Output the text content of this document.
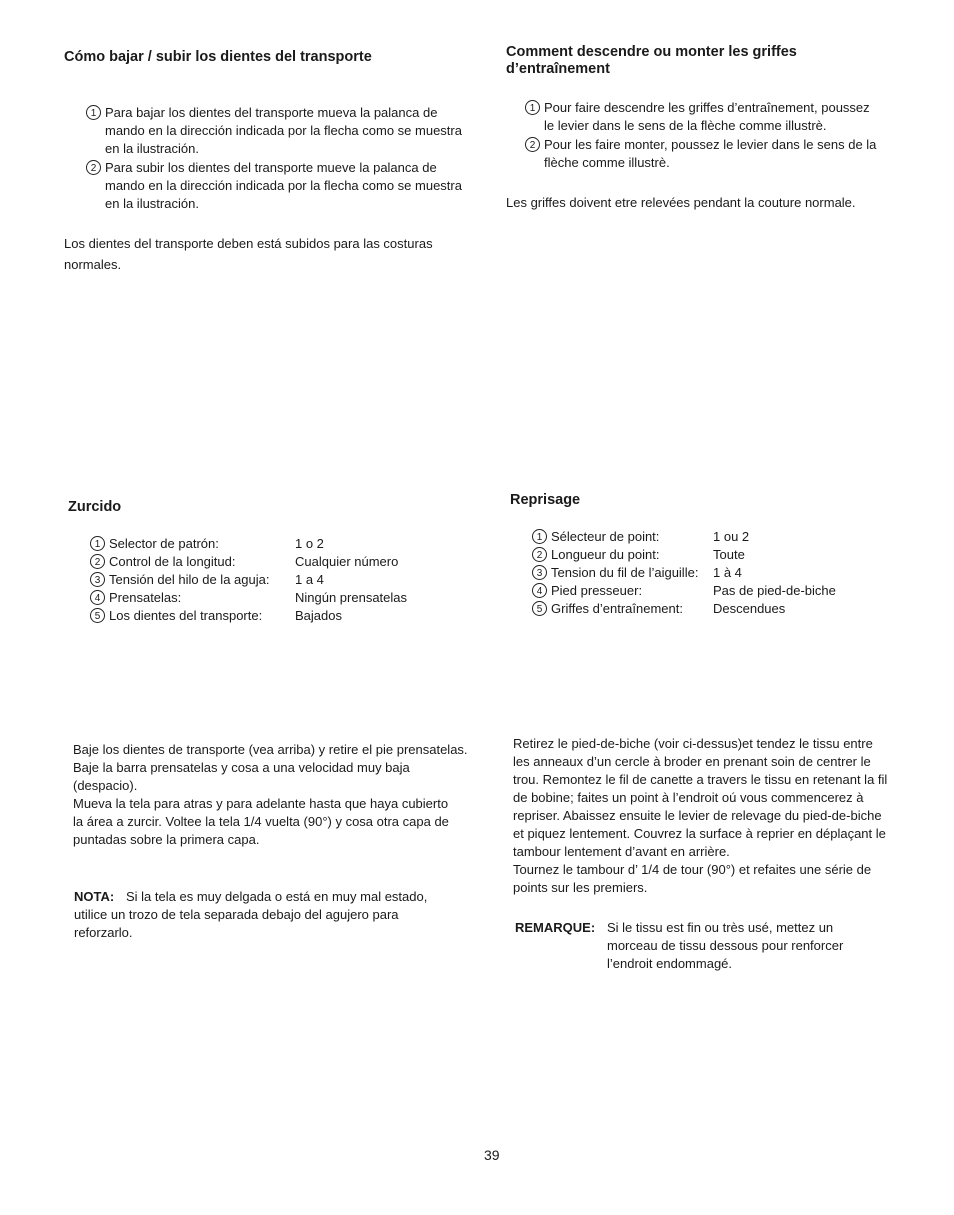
Cómo bajar / subir los dientes del transporte
1 Para bajar los dientes del transporte mueva la palanca de
mando en la dirección indicada por la flecha como se muestra
en la ilustración.
2 Para subir los dientes del transporte mueve la palanca de
mando en la dirección indicada por la flecha como se muestra
en la ilustración.
Los dientes del transporte deben está subidos para las costuras
normales.
Comment descendre ou monter les griffes
d’entraînement
1 Pour faire descendre les griffes d’entraînement, poussez
le levier dans le sens de la flèche comme illustrè.
2 Pour les faire monter, poussez le levier dans le sens de la
flèche comme illustrè.
Les griffes doivent etre relevées pendant la couture normale.
Zurcido
1 Selector de patrón:	1 o 2
2 Control de la longitud:	Cualquier número
3 Tensión del hilo de la aguja: 1 a 4
4 Prensatelas:	Ningún prensatelas
5 Los dientes del transporte:	Bajados
Reprisage
1 Sélecteur de point:	1 ou 2
2 Longueur du point:	Toute
3 Tension du fil de l’aiguille: 1 à 4
4 Pied presseuer:	Pas de pied-de-biche
5 Griffes d’entraînement: Descendues
Baje los dientes de transporte (vea arriba) y retire el pie prensatelas.
Baje la barra prensatelas y cosa a una velocidad muy baja
(despacio).
Mueva la tela para atras y para adelante hasta que haya cubierto
la área a zurcir. Voltee la tela 1/4 vuelta (90°) y cosa otra capa de
puntadas sobre la primera capa.
NOTA: Si la tela es muy delgada o está en muy mal estado,
utilice un trozo de tela separada debajo del agujero para
reforzarlo.
Retirez le pied-de-biche (voir ci-dessus)et tendez le tissu entre
les anneaux d’un cercle à broder en prenant soin de centrer le
trou. Remontez le fil de canette a travers le tissu en retenant la fil
de bobine; faites un point à l’endroit oú vous commencerez à
repriser. Abaissez ensuite le levier de relevage du pied-de-biche
et piquez lentement. Couvrez la surface à reprier en déplaçant le
tambour lentement d’avant en arrière.
Tournez le tambour d’ 1/4 de tour (90°) et refaites une série de
points sur les premiers.
REMARQUE: Si le tissu est fin ou très usé, mettez un
morceau de tissu dessous pour renforcer
l’endroit endommagé.
39
